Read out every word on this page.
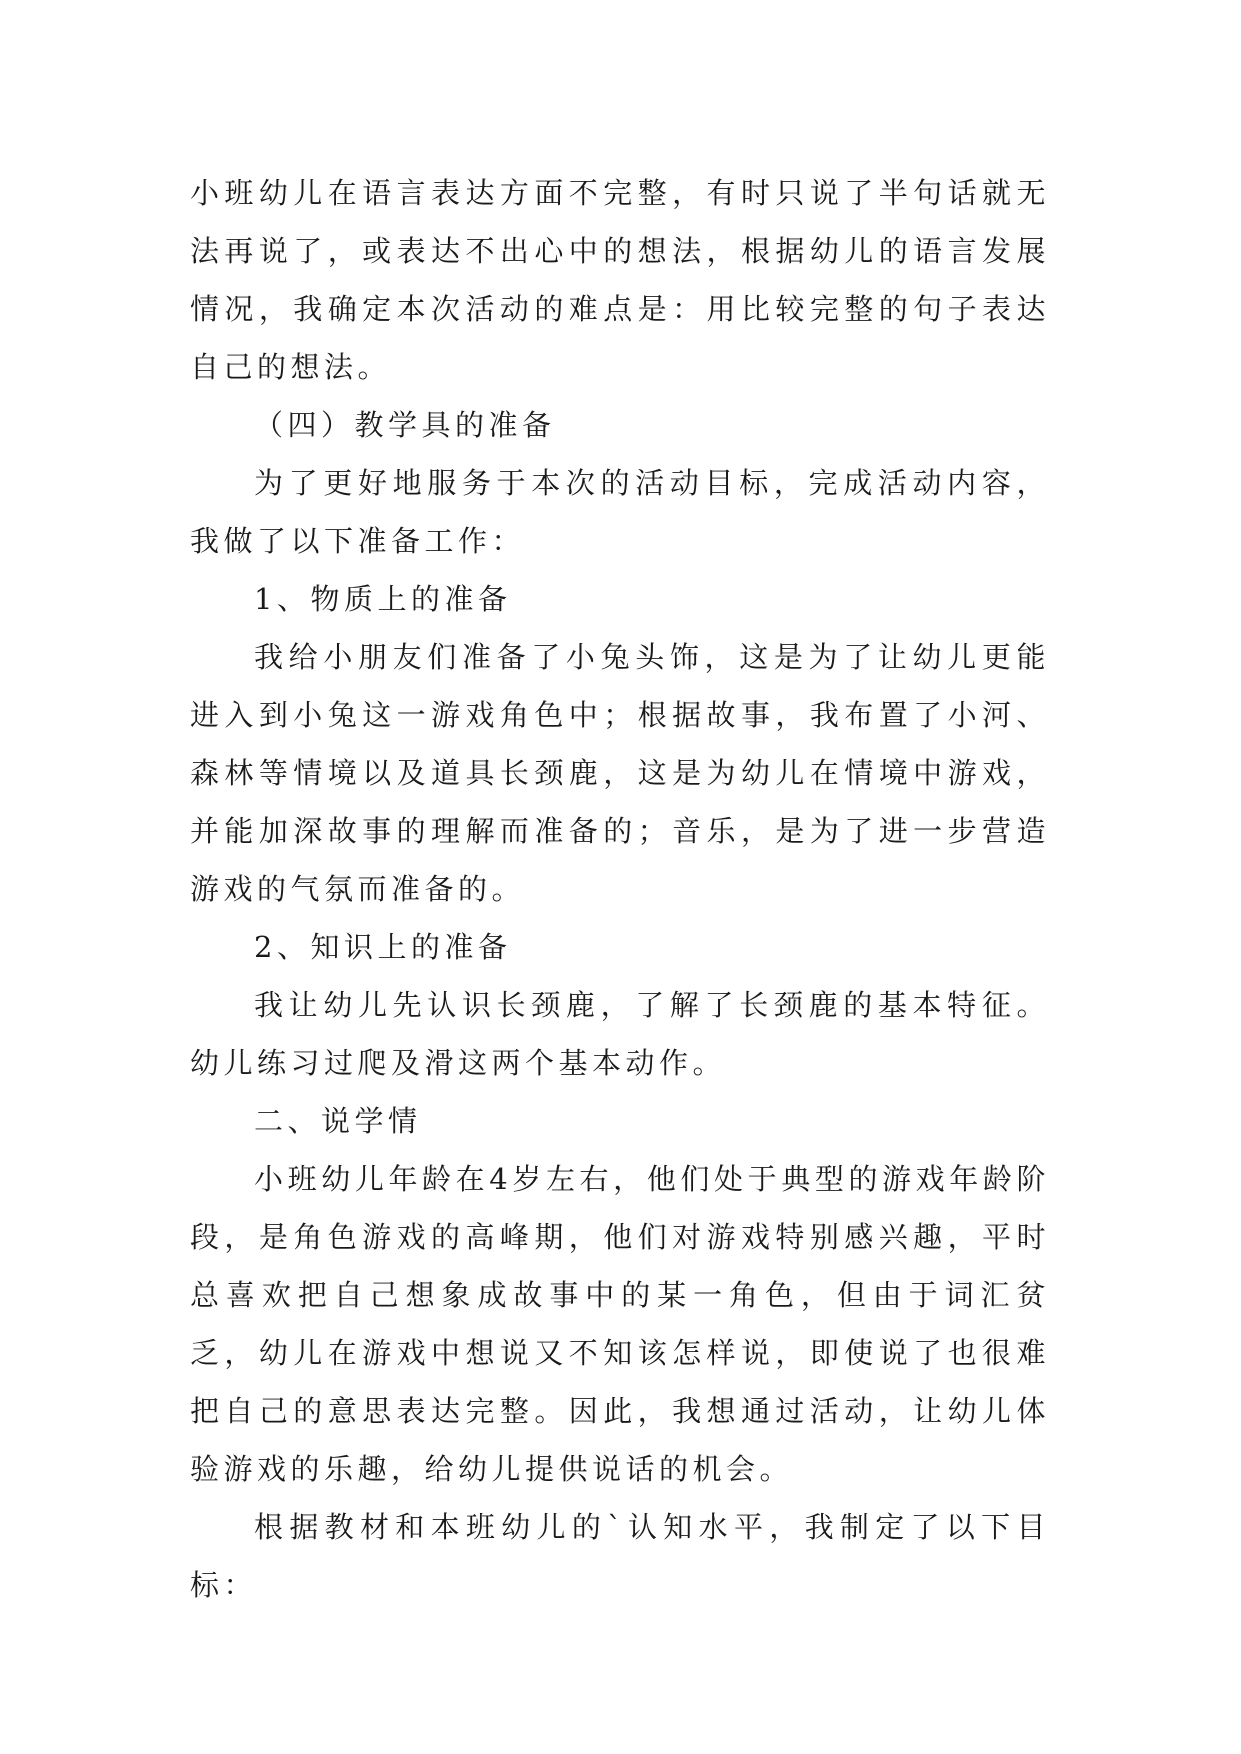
小班幼儿在语言表达方面不完整，有时只说了半句话就无法再说了，或表达不出心中的想法，根据幼儿的语言发展情况，我确定本次活动的难点是：用比较完整的句子表达自己的想法。

（四）教学具的准备

为了更好地服务于本次的活动目标，完成活动内容，我做了以下准备工作：

1、物质上的准备

我给小朋友们准备了小兔头饰，这是为了让幼儿更能进入到小兔这一游戏角色中；根据故事，我布置了小河、森林等情境以及道具长颈鹿，这是为幼儿在情境中游戏，并能加深故事的理解而准备的；音乐，是为了进一步营造游戏的气氛而准备的。

2、知识上的准备

我让幼儿先认识长颈鹿，了解了长颈鹿的基本特征。幼儿练习过爬及滑这两个基本动作。

二、说学情

小班幼儿年龄在4岁左右，他们处于典型的游戏年龄阶段，是角色游戏的高峰期，他们对游戏特别感兴趣，平时总喜欢把自己想象成故事中的某一角色，但由于词汇贫乏，幼儿在游戏中想说又不知该怎样说，即使说了也很难把自己的意思表达完整。因此，我想通过活动，让幼儿体验游戏的乐趣，给幼儿提供说话的机会。

根据教材和本班幼儿的`认知水平，我制定了以下目标：
